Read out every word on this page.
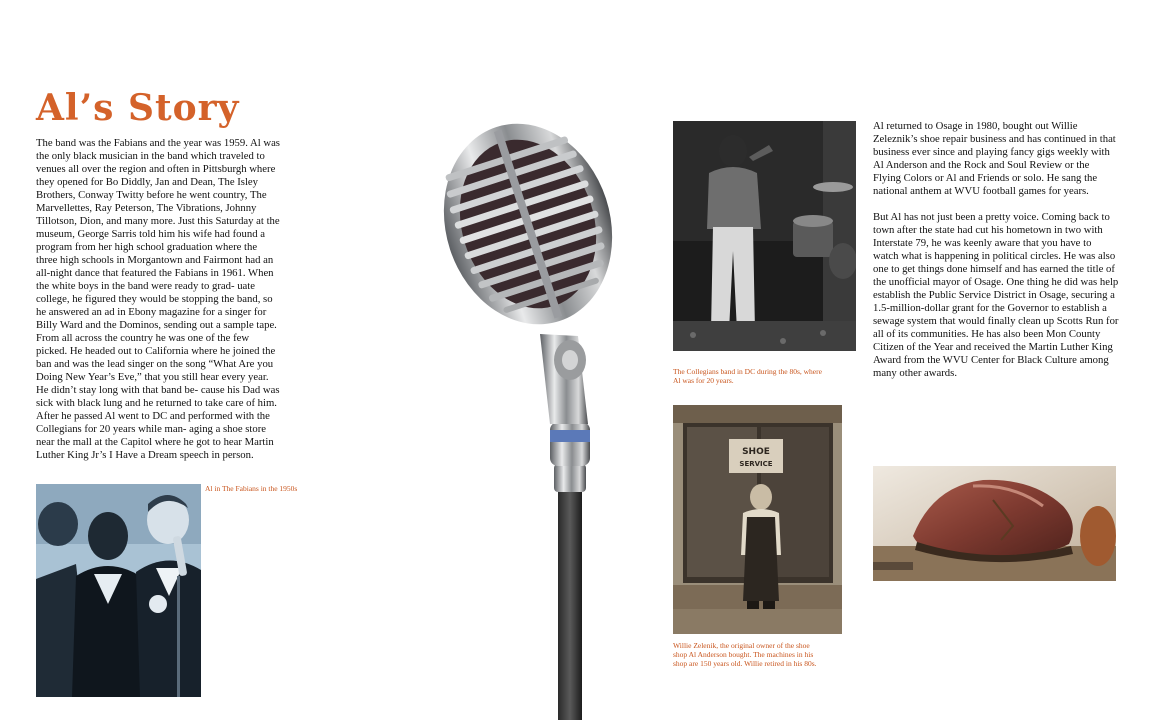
Al’s Story

The band was the Fabians and the year was 1959. Al was the only black musician in the band which traveled to venues all over the region and often in Pittsburgh where they opened for Bo Diddly, Jan and Dean, The Isley Brothers, Conway Twitty before he went country, The Marvellettes, Ray Peterson, The Vibrations, Johnny Tillotson, Dion, and many more. Just this Saturday at the museum, George Sarris told him his wife had found a program from her high school graduation where the three high schools in Morgantown and Fairmont had an all-night dance that featured the Fabians in 1961. When the white boys in the band were ready to grad- uate college, he figured they would be stopping the band, so he answered an ad in Ebony magazine for a singer for Billy Ward and the Dominos, sending out a sample tape. From all across the country he was one of the few picked. He headed out to California where he joined the ban and was the lead singer on the song “What Are you Doing New Year’s Eve,” that you still hear every year. He didn’t stay long with that band be- cause his Dad was sick with black lung and he returned to take care of him. After he passed Al went to DC and performed with the Collegians for 20 years while man- aging a shoe store near the mall at the Capitol where he got to hear Martin Luther King Jr’s I Have a Dream speech in person.

Al in The Fabians in the 1950s

The Collegians band in DC during the 80s, where Al was for 20 years.

SHOE
SERVICE

Willie Zelenik, the original owner of the shoe shop Al Anderson bought. The machines in his shop are 150 years old. Willie retired in his 80s.

Al returned to Osage in 1980, bought out Willie Zeleznik’s shoe repair business and has continued in that business ever since and playing fancy gigs weekly with Al Anderson and the Rock and Soul Review or the Flying Colors or Al and Friends or solo. He sang the national anthem at WVU football games for years.

But Al has not just been a pretty voice. Coming back to town after the state had cut his hometown in two with Interstate 79, he was keenly aware that you have to watch what is happening in political circles. He was also one to get things done himself and has earned the title of the unofficial mayor of Osage. One thing he did was help establish the Public Service District in Osage, securing a 1.5-million-dollar grant for the Governor to establish a sewage system that would finally clean up Scotts Run for all of its communities. He has also been Mon County Citizen of the Year and received the Martin Luther King Award from the WVU Center for Black Culture among many other awards.
